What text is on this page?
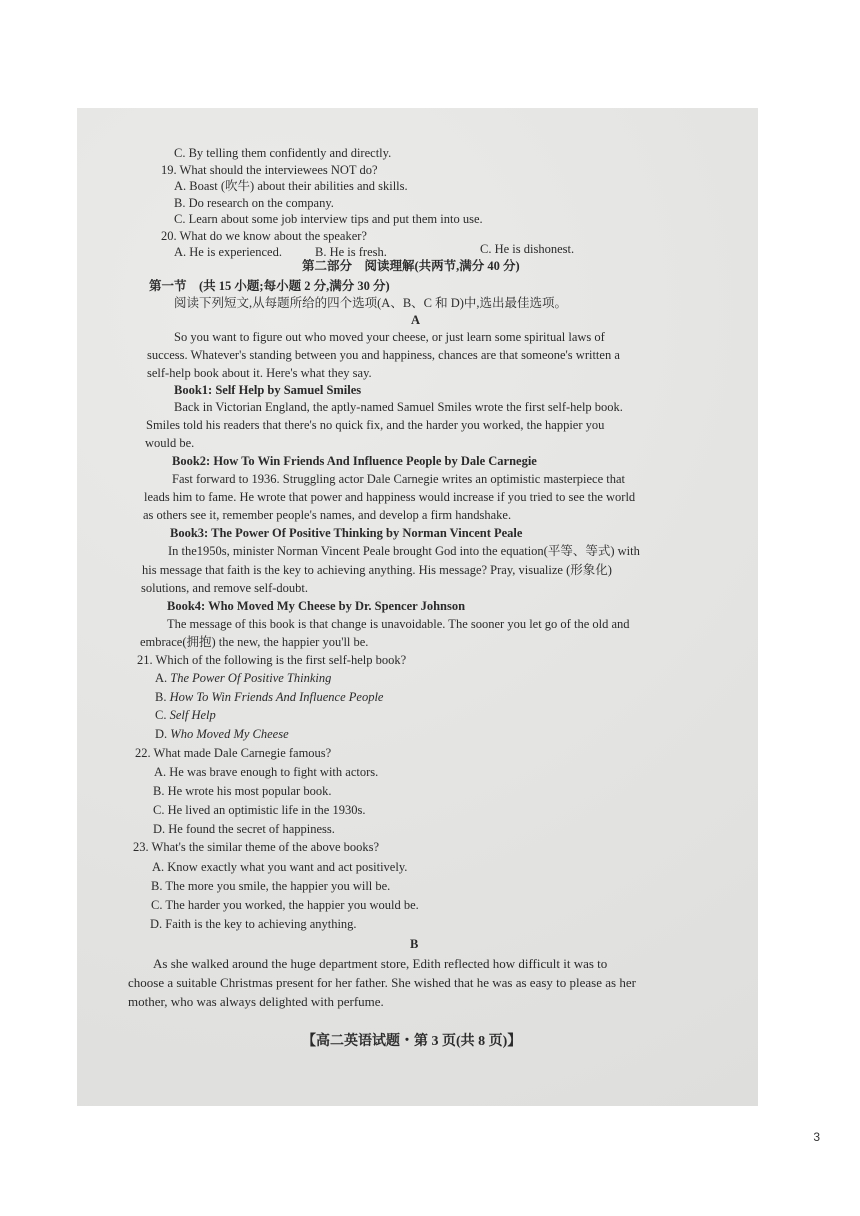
C. By telling them confidently and directly.
19. What should the interviewees NOT do?
A. Boast (吹牛) about their abilities and skills.
B. Do research on the company.
C. Learn about some job interview tips and put them into use.
20. What do we know about the speaker?
A. He is experienced.	B. He is fresh.	C. He is dishonest.
第二部分　阅读理解(共两节,满分 40 分)
第一节　(共 15 小题;每小题 2 分,满分 30 分)
阅读下列短文,从每题所给的四个选项(A、B、C 和 D)中,选出最佳选项。
A
So you want to figure out who moved your cheese, or just learn some spiritual laws of
success. Whatever's standing between you and happiness, chances are that someone's written a
self-help book about it. Here's what they say.
Book1: Self Help by Samuel Smiles
Back in Victorian England, the aptly-named Samuel Smiles wrote the first self-help book.
Smiles told his readers that there's no quick fix, and the harder you worked, the happier you
would be.
Book2: How To Win Friends And Influence People by Dale Carnegie
Fast forward to 1936. Struggling actor Dale Carnegie writes an optimistic masterpiece that
leads him to fame. He wrote that power and happiness would increase if you tried to see the world
as others see it, remember people's names, and develop a firm handshake.
Book3: The Power Of Positive Thinking by Norman Vincent Peale
In the1950s, minister Norman Vincent Peale brought God into the equation(平等、等式) with
his message that faith is the key to achieving anything. His message? Pray, visualize (形象化)
solutions, and remove self-doubt.
Book4: Who Moved My Cheese by Dr. Spencer Johnson
The message of this book is that change is unavoidable. The sooner you let go of the old and
embrace(拥抱) the new, the happier you'll be.
21. Which of the following is the first self-help book?
A. The Power Of Positive Thinking
B. How To Win Friends And Influence People
C. Self Help
D. Who Moved My Cheese
22. What made Dale Carnegie famous?
A. He was brave enough to fight with actors.
B. He wrote his most popular book.
C. He lived an optimistic life in the 1930s.
D. He found the secret of happiness.
23. What's the similar theme of the above books?
A. Know exactly what you want and act positively.
B. The more you smile, the happier you will be.
C. The harder you worked, the happier you would be.
D. Faith is the key to achieving anything.
B
As she walked around the huge department store, Edith reflected how difficult it was to
choose a suitable Christmas present for her father. She wished that he was as easy to please as her
mother, who was always delighted with perfume.
【高二英语试题・第 3 页(共 8 页)】
3
